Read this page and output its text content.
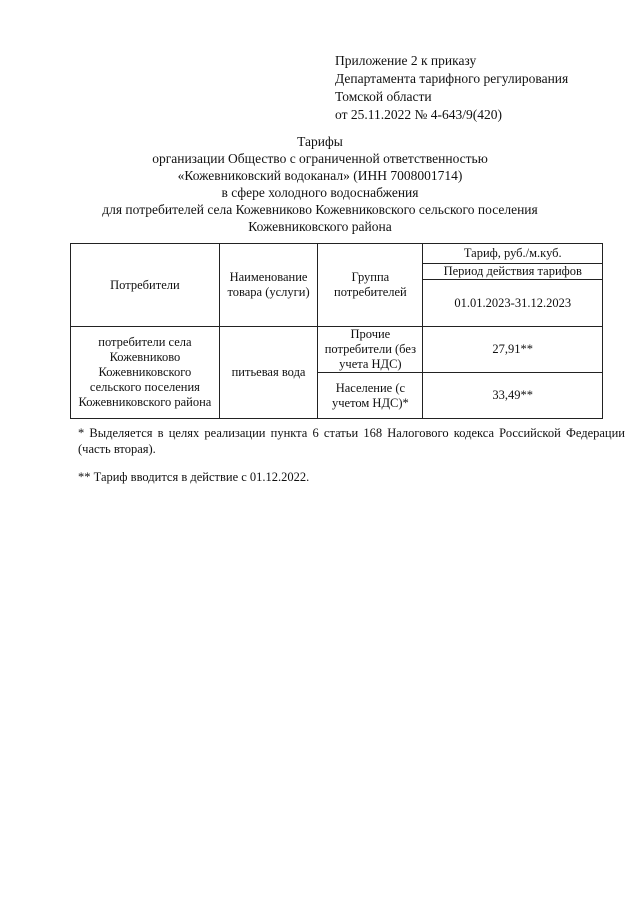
Приложение 2 к приказу
Департамента тарифного регулирования
Томской области
от 25.11.2022 № 4-643/9(420)
Тарифы
организации Общество с ограниченной ответственностью
«Кожевниковский водоканал» (ИНН 7008001714)
в сфере холодного водоснабжения
для потребителей села Кожевниково Кожевниковского сельского поселения
Кожевниковского района
Потребители	Наименование товара (услуги)	Группа потребителей	Тариф, руб./м.куб.
			Период действия тарифов
			01.01.2023-31.12.2023
потребители села Кожевниково Кожевниковского сельского поселения Кожевниковского района	питьевая вода	Прочие потребители (без учета НДС)	27,91**
		Население (с учетом НДС)*	33,49**
* Выделяется в целях реализации пункта 6 статьи 168 Налогового кодекса Российской Федерации (часть вторая).
** Тариф вводится в действие с 01.12.2022.
